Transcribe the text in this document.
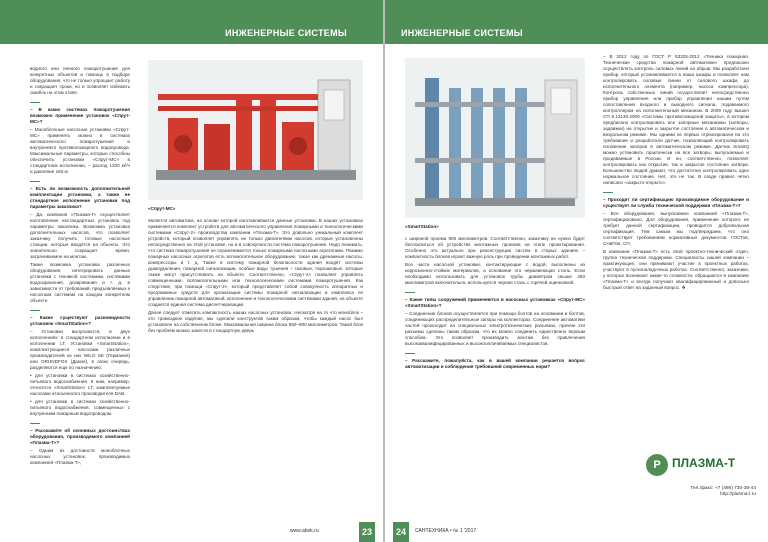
ИНЖЕНЕРНЫЕ СИСТЕМЫ

водного или пенного пожаротушения для конкретных объектов и помощь в подборе оборудования, что не только упрощает работу и сокращает сроки, но и позволяет избежать ошибок на этом этапе.

– В каких системах пожаротушения возможно применение установок «Спрут-МС»?

– Моноблочные насосные установки «Спрут-МС» применять можно в системах автоматического пожаротушения и внутреннего противопожарного водопровода. Максимальные параметры, которые способны обеспечить установки «Спрут-МС» в стандартном исполнении, – расход 1200 м³/ч и давление 160 м.

– Есть ли возможность дополнительной комплектации установки, а также не стандартное исполнение установки под параметры заказчика?

– Да, компания «Плазма-Т» осуществляет изготовление нестандартных установок под параметры заказчика. Возможна установка дополнительных насосов, что позволяет заказчику получить готовые насосные станции, которые вводятся на объекты. Это значительно сокращает время, затрачиваемое на монтаж.

Также возможна установка различных оборудования, интегрировать данные установки с техникой системами, системами водоохранения, дозирования и т. д. в зависимости от требований, предъявляемых к насосным системам на каждом конкретном объекте.

– Какие существуют разновидности установок «SmartStation»?

– Установки выпускаются, в двух исполнениях: в стандартном исполнении и в исполнении LT. Установки «SmartStation», комплектующиеся насосами различных производителей из них WILO SE (Германия) или GRUNDFOS (Дания), в свою очередь, разделяются еще по назначению:

• для установки в системах хозяйственно-питьевого водоснабжения. К ним, например, относятся «SmartStation» LT, комплектуемые насосами итальянского производителя DAB.

• для установки в системах хозяйственно-питьевого водоснабжения, совмещенных с внутренним пожарным водопроводом.

– Расскажите об основных достоинствах оборудования, производимого компанией «Плазма-Т»?

– Одним из достоинств моноблочных насосных установок, производимых компанией «Плазма-Т»,

«Спрут-МС»

является автоматика, на основе которой изготавливается данные установки. В наших установках применяется комплект устройств для автоматического управления пожарными и технологическими системами «Спрут-2» производства компании «Плазма-Т». Это довольно уникальный комплект устройств, который позволяет управлять не только двигателями насосов, которые установлены непосредственно на этой установке, но и в совокупности система пожаротушения. Надо понимать, что система пожаротушения не ограничивается только пожарными насосными агрегатами. Помимо пожарных насосных агрегатов есть вспомогательное оборудование, такое как дренажные насосы, компрессоры и т. д. Также в систему пожарной безопасности здания входят системы дымоудаления, пожарной сигнализации, особые виды тушения – газовые, порошковые, которые также могут присутствовать на объекте. Соответственно, «Спрут-2» позволяет управлять совмещенными, вспомогательными или технологическими системами пожаротушения. Как следствие, при помощи «Спрут-2», который представляет собой совокупность аппаратных и программных средств для организации системы пожарной сигнализации и комплекса по управлению пожарной автоматикой, исполнение и технологическими системами здания, на объекте создается единая система диспетчеризации.

Далее следует отметить компактность наших насосных установок. Несмотря на то что моноблок – это громоздкое изделие, мы сделали конструктив таким образом, чтобы каждый насос был установлен на собственном блоке. Максимальная ширина блока 850–900 миллиметров. Такой блок без проблем можно занести в стандартную дверь

www.abok.ru	23
ИНЖЕНЕРНЫЕ СИСТЕМЫ
«SmartStation»

с шириной проема 900 миллиметров. Соответственно, заказчику не нужно будет беспокоиться об устройстве монтажных проемов на этапе проектирования. Особенно это актуально при реконструкции систем в старых зданиях – компактность блоков играет важную роль при проведении монтажных работ.

Все части насосной установки, контактирующие с водой, выполнены из коррозионно-стойких материалов, а основание это нержавеющая сталь. Если необходимо использовать для установок трубы диаметром свыше 250 миллиметров включительно, используется черная сталь с горячей оцинковкой.

– Какие типы сооружений применяются в насосных установках «Спрут-МС» «SmartStation»?

– Соединение блоков осуществляется при помощи болтов на основании и болтов, соединяющих распределительные запоры на коллекторах. Соединение автоматики частей происходит на специальных электротехнических разъемах, причем эти разъемы сделаны таким образом, что их можно соединить единственно верным способом. Это позволяет производить монтаж без привлечения высококвалифицированных и высокооплачиваемых специалистов.

– Расскажите, пожалуйста, как в вашей компании решается вопрос автоматизации и соблюдения требований современных норм?

– В 2012 году по ГОСТ Р 53325-2012 «Техника пожарная. Технические средства пожарной автоматики» предписано осуществлять контроль силовых линий на обрыв. Мы разработали прибор, который устанавливается в наши шкафы и позволяет нам контролировать силовые линии от силового шкафа до исполнительного элемента (например, насоса компрессора). Контроль собственных линий осуществляет непосредственно прибор управления или прибор управления нашим путем сопоставления входного и выходного сигнала, подаваемого контроллером на исполнительный механизм. В 2009 году вышел СП 5.13130.2009 «Системы противопожарной защиты», в котором предписано контролировать все запорные механизмы (затворы, задвижки) на открытие и закрытое состояние в автоматическом и визуальном режиме. Мы одними из первых отреагировали на это требование и разработали датчик, позволяющий контролировать положение запоров в автоматическом режиме. Датчик SmartQ можно установить практически на все затворы, выпускаемые и продаваемые в России. И он, соответственно, позволяет контролировать как открытие, так и закрытое состояние затвора. Большинство людей думают, что достаточно контролировать одно нормальное состояние. Нет, это не так. В своде правил четко написано «закрыто-открыто».

– Проходит ли сертификацию производимое оборудование и существует ли служба технической поддержки «Плазма-Т»?

– Все оборудование, выпускаемое компанией «Плазма-Т», сертифицировано. Для оборудования, применение которого не требует данной сертификации, проводится добровольная сертификация. Тем самым мы подтверждаем, что оно соответствует требованиям нормативных документов, ГОСТов, СНиПов, СП.

В компании «Плазма-Т» есть свой проектно-технический отдел, группа технической поддержки. Специалисты нашей компании – практикующие, они принимают участие в проектных работах, участвуют в пусконаладочных работах. Соответственно, заказчики, у которых возникают какие-то сложности, обращаются в компанию «Плазма-Т» и всегда получают квалифицированный и довольно быстрый ответ на заданный вопрос. ❖

P ПЛАЗМА-Т
Тел./факс: +7 (495) 730-38-44
http://plasma-t.ru
24	САНТЕХНИКА • № 1 '2017
